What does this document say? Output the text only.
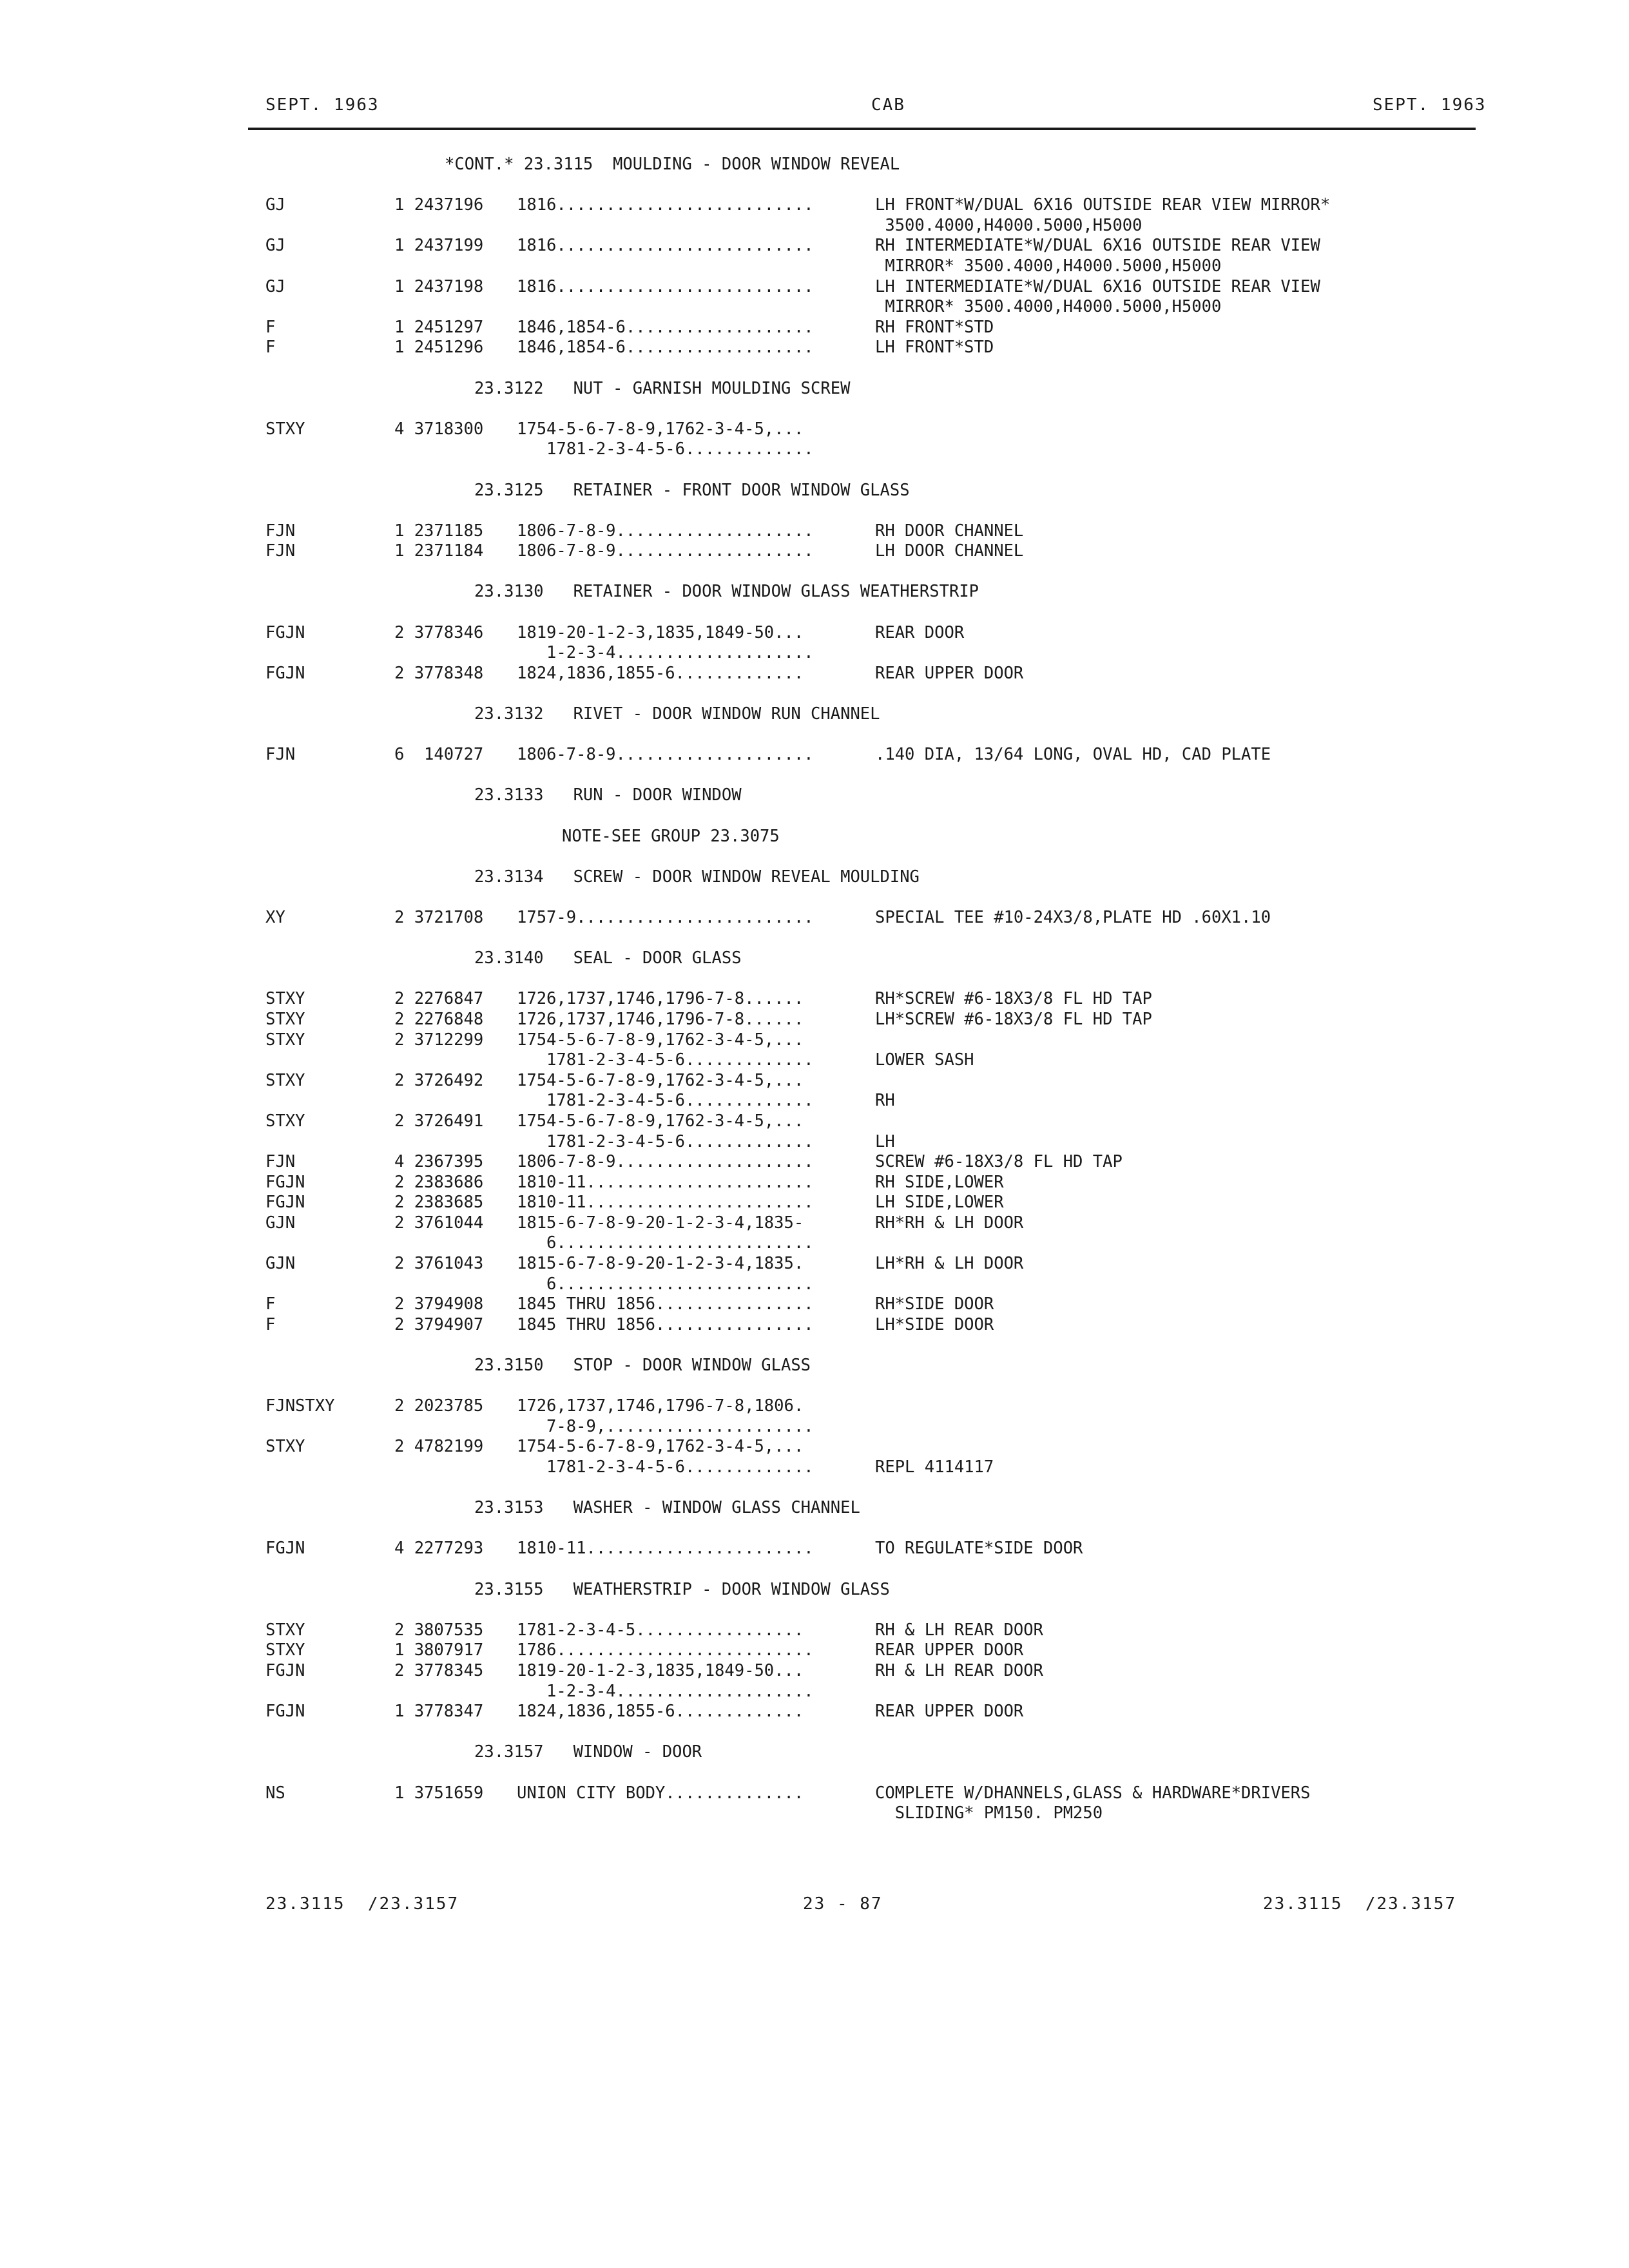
SEPT. 1963	CAB	SEPT. 1963
*CONT.* 23.3115  MOULDING - DOOR WINDOW REVEAL
GJ	1 2437196 1816..........................	LH FRONT*W/DUAL 6X16 OUTSIDE REAR VIEW MIRROR*
3500.4000,H4000.5000,H5000
GJ	1 2437199 1816..........................	RH INTERMEDIATE*W/DUAL 6X16 OUTSIDE REAR VIEW
MIRROR* 3500.4000,H4000.5000,H5000
GJ	1 2437198 1816..........................	LH INTERMEDIATE*W/DUAL 6X16 OUTSIDE REAR VIEW
MIRROR* 3500.4000,H4000.5000,H5000
F	1 2451297 1846,1854-6...................	RH FRONT*STD
F	1 2451296 1846,1854-6...................	LH FRONT*STD
23.3122   NUT - GARNISH MOULDING SCREW
STXY	4 3718300 1754-5-6-7-8-9,1762-3-4-5,...
1781-2-3-4-5-6.............
23.3125   RETAINER - FRONT DOOR WINDOW GLASS
FJN	1 2371185 1806-7-8-9....................	RH DOOR CHANNEL
FJN	1 2371184 1806-7-8-9....................	LH DOOR CHANNEL
23.3130   RETAINER - DOOR WINDOW GLASS WEATHERSTRIP
FGJN	2 3778346 1819-20-1-2-3,1835,1849-50...	REAR DOOR
1-2-3-4....................
FGJN	2 3778348 1824,1836,1855-6.............	REAR UPPER DOOR
23.3132   RIVET - DOOR WINDOW RUN CHANNEL
FJN	6  140727 1806-7-8-9....................	.140 DIA, 13/64 LONG, OVAL HD, CAD PLATE
23.3133   RUN - DOOR WINDOW
NOTE-SEE GROUP 23.3075
23.3134   SCREW - DOOR WINDOW REVEAL MOULDING
XY	2 3721708 1757-9........................	SPECIAL TEE #10-24X3/8,PLATE HD .60X1.10
23.3140   SEAL - DOOR GLASS
STXY	2 2276847 1726,1737,1746,1796-7-8......	RH*SCREW #6-18X3/8 FL HD TAP
STXY	2 2276848 1726,1737,1746,1796-7-8......	LH*SCREW #6-18X3/8 FL HD TAP
STXY	2 3712299 1754-5-6-7-8-9,1762-3-4-5,...
1781-2-3-4-5-6.............	LOWER SASH
STXY	2 3726492 1754-5-6-7-8-9,1762-3-4-5,...
1781-2-3-4-5-6.............	RH
STXY	2 3726491 1754-5-6-7-8-9,1762-3-4-5,...
1781-2-3-4-5-6.............	LH
FJN	4 2367395 1806-7-8-9....................	SCREW #6-18X3/8 FL HD TAP
FGJN	2 2383686 1810-11.......................	RH SIDE,LOWER
FGJN	2 2383685 1810-11.......................	LH SIDE,LOWER
GJN	2 3761044 1815-6-7-8-9-20-1-2-3-4,1835-	RH*RH & LH DOOR
6..........................
GJN	2 3761043 1815-6-7-8-9-20-1-2-3-4,1835.	LH*RH & LH DOOR
6..........................
F	2 3794908 1845 THRU 1856................	RH*SIDE DOOR
F	2 3794907 1845 THRU 1856................	LH*SIDE DOOR
23.3150   STOP - DOOR WINDOW GLASS
FJNSTXY	2 2023785 1726,1737,1746,1796-7-8,1806.
7-8-9,.....................
STXY	2 4782199 1754-5-6-7-8-9,1762-3-4-5,...
1781-2-3-4-5-6.............	REPL 4114117
23.3153   WASHER - WINDOW GLASS CHANNEL
FGJN	4 2277293 1810-11.......................	TO REGULATE*SIDE DOOR
23.3155   WEATHERSTRIP - DOOR WINDOW GLASS
STXY	2 3807535 1781-2-3-4-5.................	RH & LH REAR DOOR
STXY	1 3807917 1786..........................	REAR UPPER DOOR
FGJN	2 3778345 1819-20-1-2-3,1835,1849-50...	RH & LH REAR DOOR
1-2-3-4....................
FGJN	1 3778347 1824,1836,1855-6.............	REAR UPPER DOOR
23.3157   WINDOW - DOOR
NS	1 3751659 UNION CITY BODY..............	COMPLETE W/DHANNELS,GLASS & HARDWARE*DRIVERS
SLIDING* PM150. PM250
23.3115  /23.3157	23 - 87	23.3115  /23.3157
